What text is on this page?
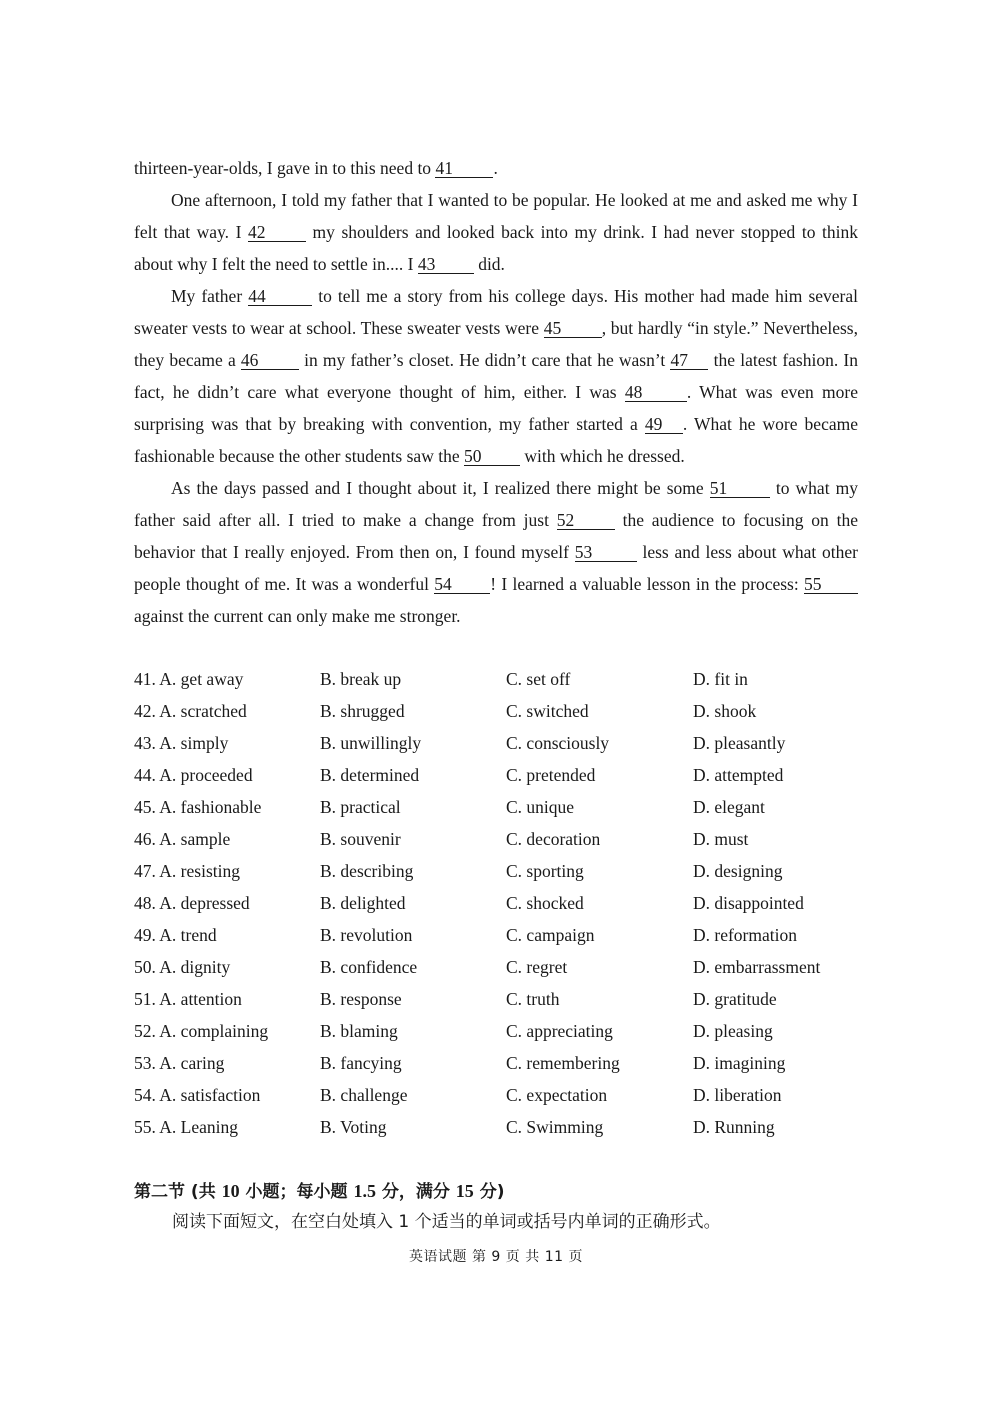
thirteen-year-olds, I gave in to this need to 41 .

One afternoon, I told my father that I wanted to be popular. He looked at me and asked me why I felt that way. I 42 my shoulders and looked back into my drink. I had never stopped to think about why I felt the need to settle in.... I 43 did.

My father 44	to tell me a story from his college days. His mother had made him several sweater vests to wear at school. These sweater vests were 45 , but hardly “in style.” Nevertheless, they became a 46 in my father’s closet. He didn’t care that he wasn’t 47 the latest fashion. In fact, he didn’t care what everyone thought of him, either. I was 48	. What was even more surprising was that by breaking with convention, my father started a 49 . What he wore became fashionable because the other students saw the 50 with which he dressed.

As the days passed and I thought about it, I realized there might be some 51 to what my father said after all. I tried to make a change from just 52 the audience to focusing on the behavior that I really enjoyed. From then on, I found myself 53	less and less about what other people thought of me. It was a wonderful 54 ! I learned a valuable lesson in the process: 55 against the current can only make me stronger.

41. A. get away	B. break up	C. set off	D. fit in
42. A. scratched	B. shrugged	C. switched	D. shook
43. A. simply	B. unwillingly	C. consciously	D. pleasantly
44. A. proceeded	B. determined	C. pretended	D. attempted
45. A. fashionable	B. practical	C. unique	D. elegant
46. A. sample	B. souvenir	C. decoration	D. must
47. A. resisting	B. describing	C. sporting	D. designing
48. A. depressed	B. delighted	C. shocked	D. disappointed
49. A. trend	B. revolution	C. campaign	D. reformation
50. A. dignity	B. confidence	C. regret	D. embarrassment
51. A. attention	B. response	C. truth	D. gratitude
52. A. complaining	B. blaming	C. appreciating	D. pleasing
53. A. caring	B. fancying	C. remembering	D. imagining
54. A. satisfaction	B. challenge	C. expectation	D. liberation
55. A. Leaning	B. Voting	C. Swimming	D. Running
第二节 (共 10 小题；每小题 1.5 分，满分 15 分)
阅读下面短文，在空白处填入 1 个适当的单词或括号内单词的正确形式。
英语试题 第 9 页 共 11 页
